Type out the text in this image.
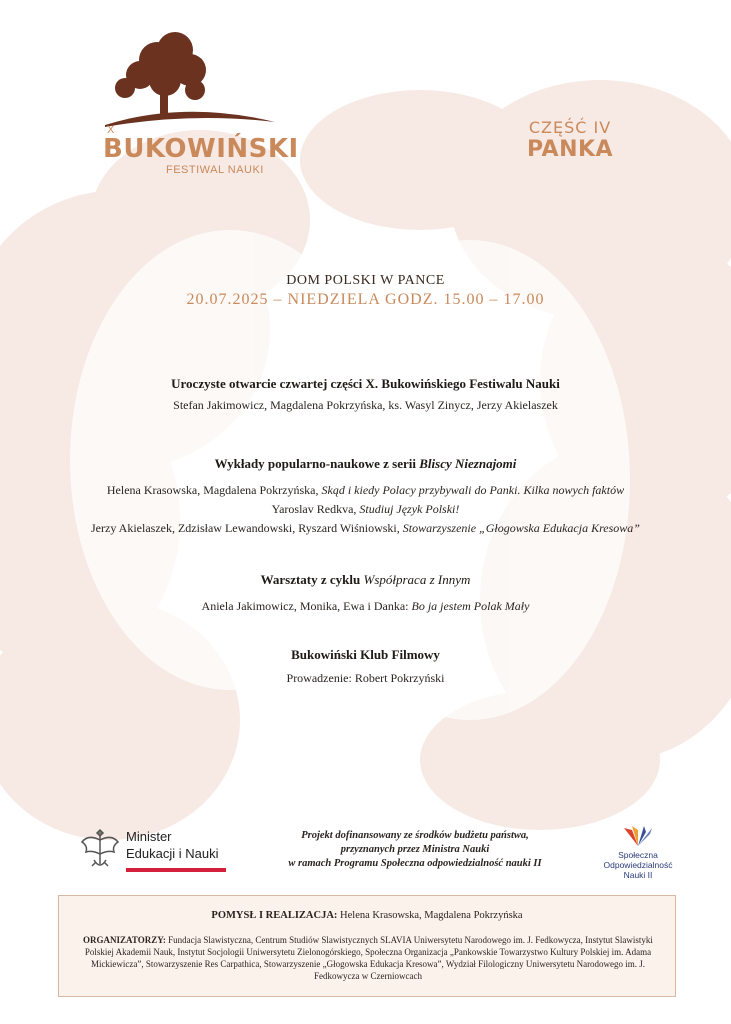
X
BUKOWIŃSKI
FESTIWAL NAUKI
CZĘŚĆ IV
PANKA
DOM POLSKI W PANCE
20.07.2025 – NIEDZIELA GODZ. 15.00 – 17.00
Uroczyste otwarcie czwartej części X. Bukowińskiego Festiwalu Nauki
Stefan Jakimowicz, Magdalena Pokrzyńska, ks. Wasyl Zinycz, Jerzy Akielaszek
Wykłady popularno-naukowe z serii Bliscy Nieznajomi
Helena Krasowska, Magdalena Pokrzyńska, Skąd i kiedy Polacy przybywali do Panki. Kilka nowych faktów
Yaroslav Redkva, Studiuj Język Polski!
Jerzy Akielaszek, Zdzisław Lewandowski, Ryszard Wiśniowski, Stowarzyszenie „Głogowska Edukacja Kresowa”
Warsztaty z cyklu Współpraca z Innym
Aniela Jakimowicz, Monika, Ewa i Danka: Bo ja jestem Polak Mały
Bukowiński Klub Filmowy
Prowadzenie: Robert Pokrzyński
Minister
Edukacji i Nauki
Projekt dofinansowany ze środków budżetu państwa,
przyznanych przez Ministra Nauki
w ramach Programu Społeczna odpowiedzialność nauki II
Społeczna
Odpowiedzialność
Nauki II
POMYSŁ I REALIZACJA: Helena Krasowska, Magdalena Pokrzyńska
ORGANIZATORZY: Fundacja Slawistyczna, Centrum Studiów Slawistycznych SLAVIA Uniwersytetu Narodowego im. J. Fedkowycza, Instytut Slawistyki Polskiej Akademii Nauk, Instytut Socjologii Uniwersytetu Zielonogórskiego, Społeczna Organizacja „Pankowskie Towarzystwo Kultury Polskiej im. Adama Mickiewicza”, Stowarzyszenie Res Carpathica, Stowarzyszenie „Głogowska Edukacja Kresowa”, Wydział Filologiczny Uniwersytetu Narodowego im. J. Fedkowycza w Czerniowcach
